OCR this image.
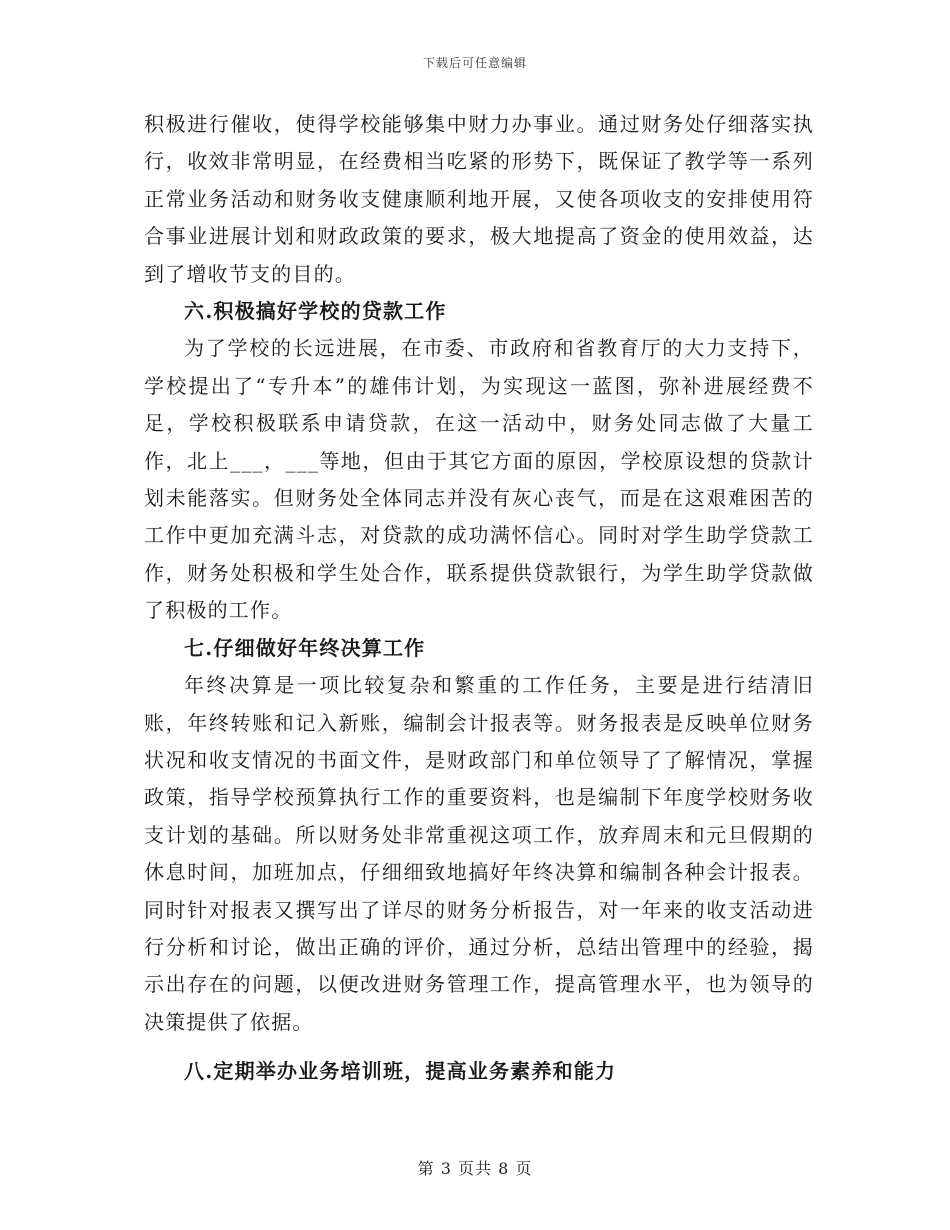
下载后可任意编辑

积极进行催收，使得学校能够集中财力办事业。通过财务处仔细落实执行，收效非常明显，在经费相当吃紧的形势下，既保证了教学等一系列正常业务活动和财务收支健康顺利地开展，又使各项收支的安排使用符合事业进展计划和财政政策的要求，极大地提高了资金的使用效益，达到了增收节支的目的。

六.积极搞好学校的贷款工作

为了学校的长远进展，在市委、市政府和省教育厅的大力支持下，学校提出了“专升本”的雄伟计划，为实现这一蓝图，弥补进展经费不足，学校积极联系申请贷款，在这一活动中，财务处同志做了大量工作，北上___，___等地，但由于其它方面的原因，学校原设想的贷款计划未能落实。但财务处全体同志并没有灰心丧气，而是在这艰难困苦的工作中更加充满斗志，对贷款的成功满怀信心。同时对学生助学贷款工作，财务处积极和学生处合作，联系提供贷款银行，为学生助学贷款做了积极的工作。

七.仔细做好年终决算工作

年终决算是一项比较复杂和繁重的工作任务，主要是进行结清旧账，年终转账和记入新账，编制会计报表等。财务报表是反映单位财务状况和收支情况的书面文件，是财政部门和单位领导了了解情况，掌握政策，指导学校预算执行工作的重要资料，也是编制下年度学校财务收支计划的基础。所以财务处非常重视这项工作，放弃周末和元旦假期的休息时间，加班加点，仔细细致地搞好年终决算和编制各种会计报表。同时针对报表又撰写出了详尽的财务分析报告，对一年来的收支活动进行分析和讨论，做出正确的评价，通过分析，总结出管理中的经验，揭示出存在的问题，以便改进财务管理工作，提高管理水平，也为领导的决策提供了依据。

八.定期举办业务培训班，提高业务素养和能力

第 3 页共 8 页
